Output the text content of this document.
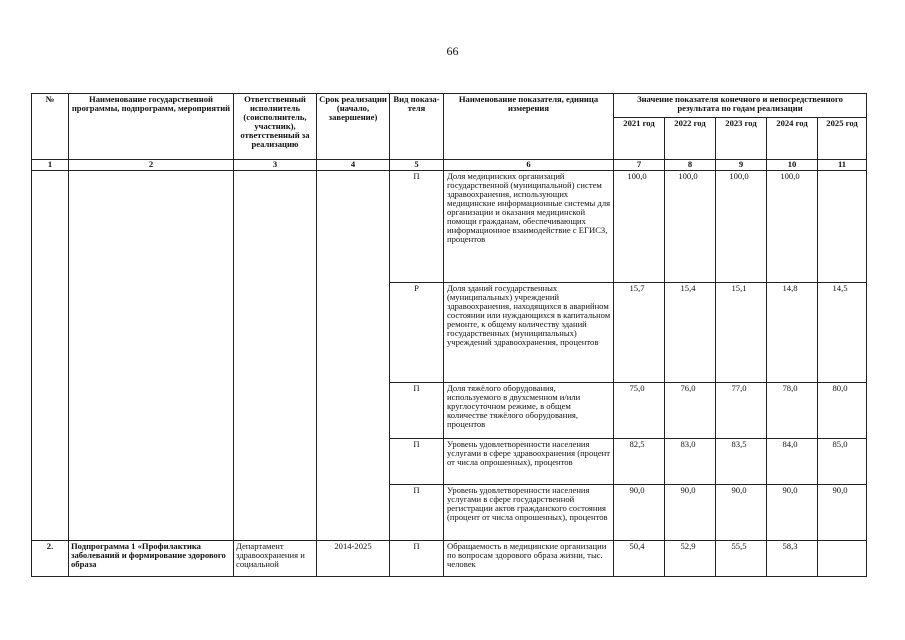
66
№	Наименование государственной программы, подпрограмм, мероприятий	Ответственный исполнитель (соисполнитель, участник), ответственный за реализацию	Срок реализации (начало, завершение)	Вид показа-теля	Наименование показателя, единица измерения	Значение показателя конечного и непосредственного результата по годам реализации				
						2021 год	2022 год	2023 год	2024 год	2025 год
1	2	3	4	5	6	7	8	9	10	11
				П	Доля медицинских организаций государственной (муниципальной) систем здравоохранения, использующих медицинские информационные системы для организации и оказания медицинской помощи гражданам, обеспечивающих информационное взаимодействие с ЕГИСЗ, процентов	100,0	100,0	100,0	100,0	
				Р	Доля зданий государственных (муниципальных) учреждений здравоохранения, находящихся в аварийном состоянии или нуждающихся в капитальном ремонте, к общему количеству зданий государственных (муниципальных) учреждений здравоохранения, процентов	15,7	15,4	15,1	14,8	14,5
				П	Доля тяжёлого оборудования, используемого в двухсменном и/или круглосуточном режиме, в общем количестве тяжёлого оборудования, процентов	75,0	76,0	77,0	78,0	80,0
				П	Уровень удовлетворенности населения услугами в сфере здравоохранения (процент от числа опрошенных), процентов	82,5	83,0	83,5	84,0	85,0
				П	Уровень удовлетворенности населения услугами в сфере государственной регистрации актов гражданского состояния (процент от числа опрошенных), процентов	90,0	90,0	90,0	90,0	90,0
2.	Подпрограмма 1 «Профилактика заболеваний и формирование здорового образа	Департамент здравоохранения и социальной	2014-2025	П	Обращаемость в медицинские организации по вопросам здорового образа жизни, тыс. человек	50,4	52,9	55,5	58,3	
